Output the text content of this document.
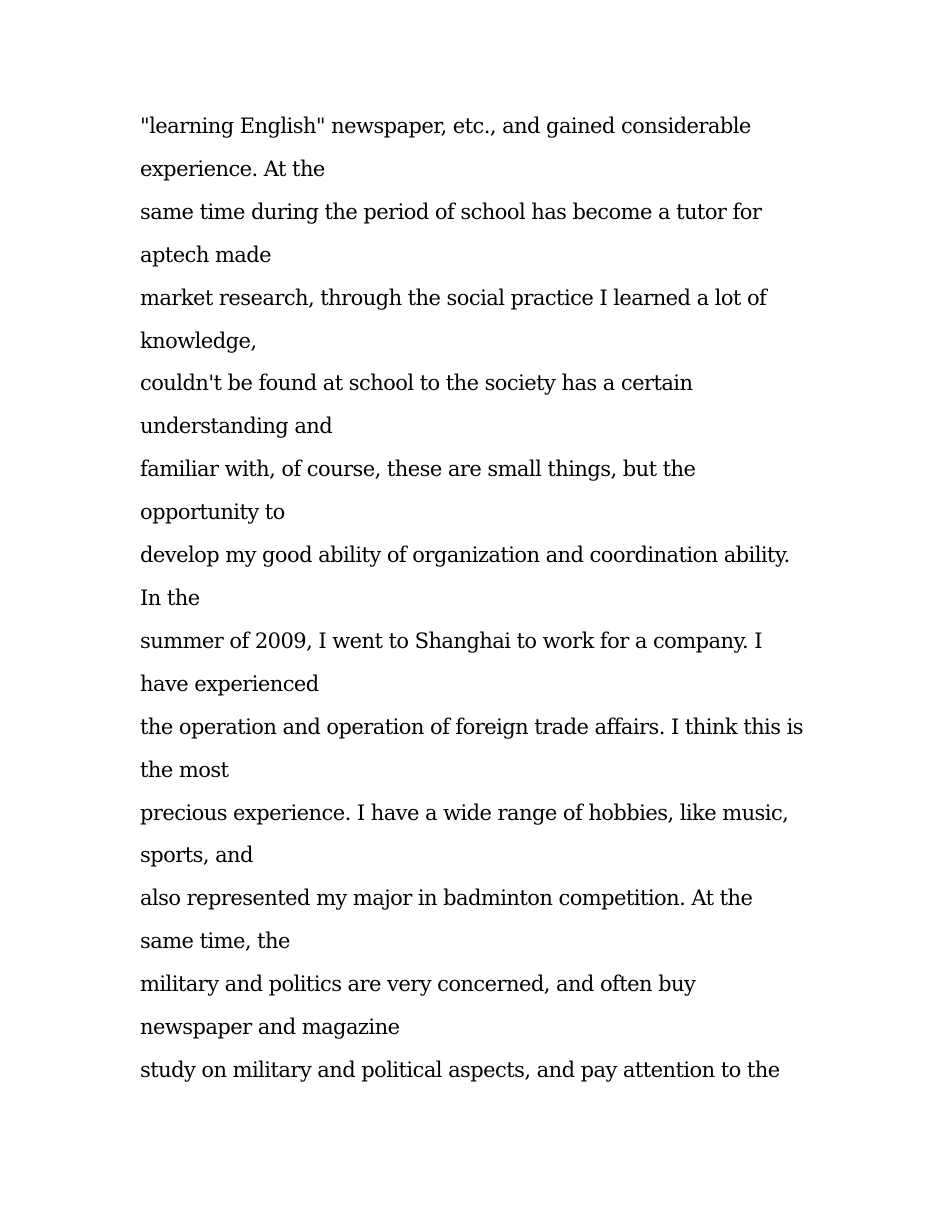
"learning English" newspaper, etc., and gained considerable
experience. At the
same time during the period of school has become a tutor for
aptech made
market research, through the social practice I learned a lot of
knowledge,
couldn't be found at school to the society has a certain
understanding and
familiar with, of course, these are small things, but the
opportunity to
develop my good ability of organization and coordination ability.
In the
summer of 2009, I went to Shanghai to work for a company. I
have experienced
the operation and operation of foreign trade affairs. I think this is
the most
precious experience. I have a wide range of hobbies, like music,
sports, and
also represented my major in badminton competition. At the
same time, the
military and politics are very concerned, and often buy
newspaper and magazine
study on military and political aspects, and pay attention to the
